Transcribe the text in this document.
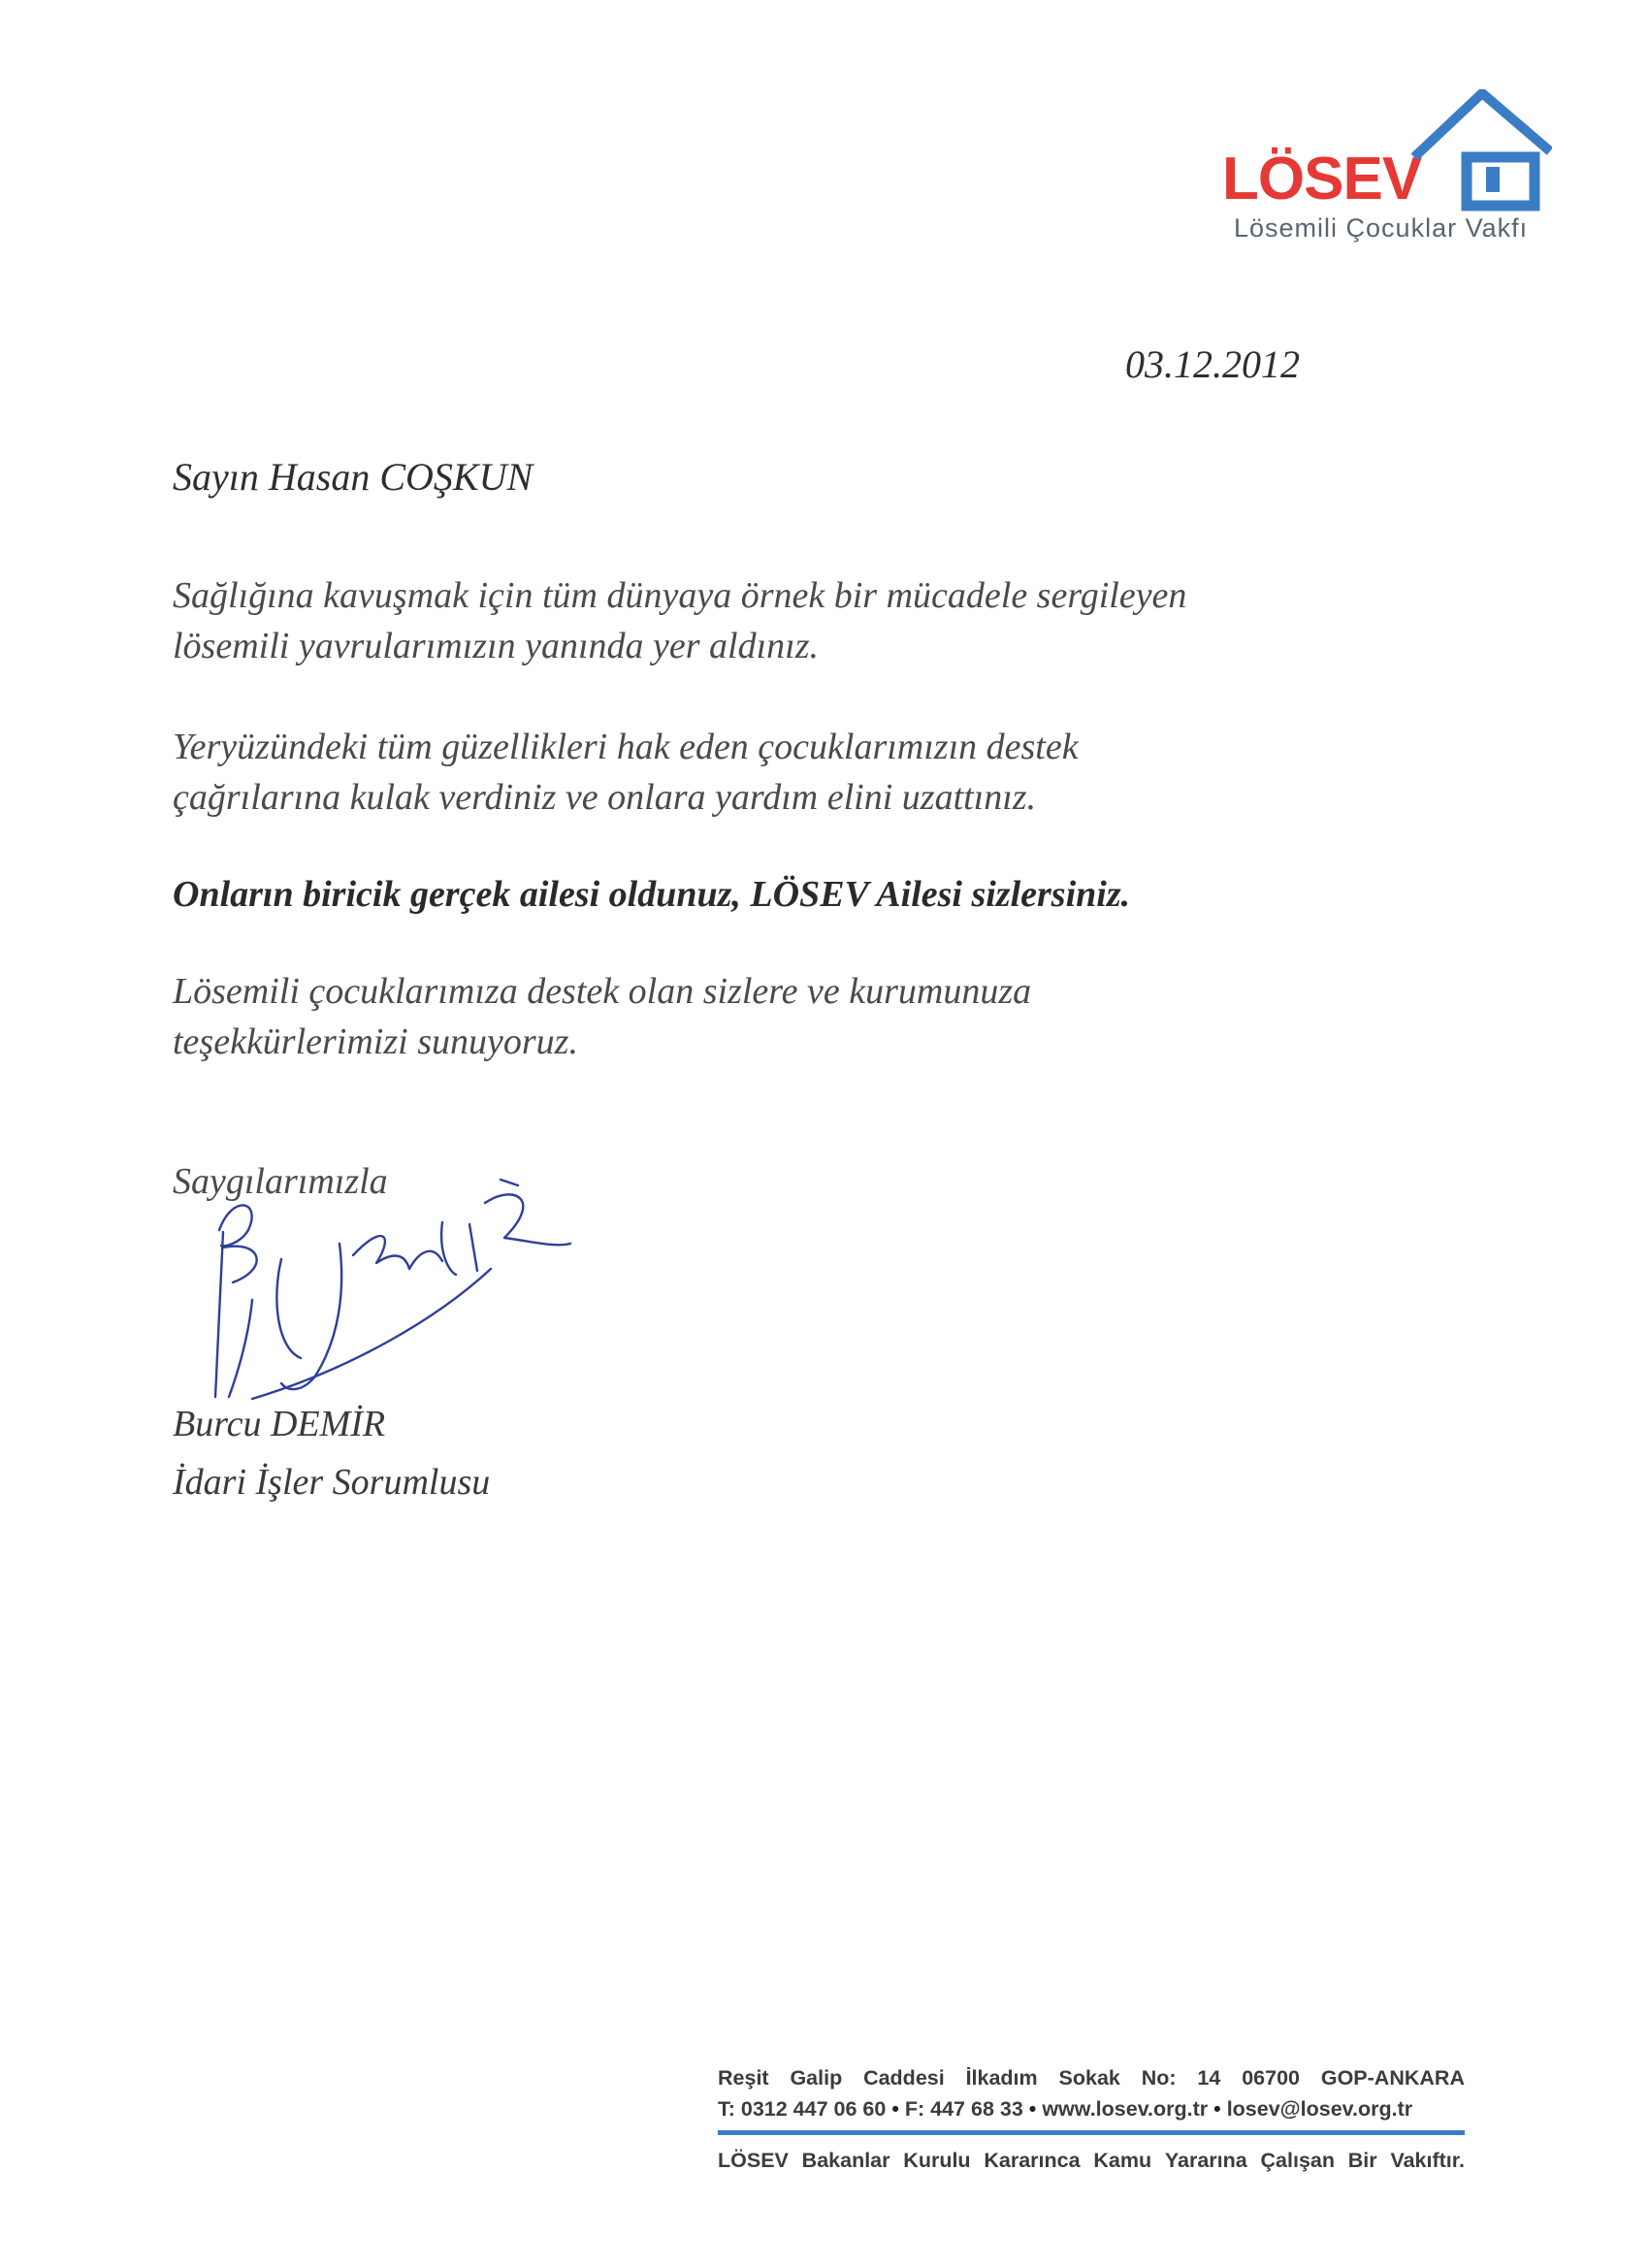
LÖSEV
Lösemili Çocuklar Vakfı
03.12.2012
Sayın Hasan COŞKUN
Sağlığına kavuşmak için tüm dünyaya örnek bir mücadele sergileyen
lösemili yavrularımızın yanında yer aldınız.
Yeryüzündeki tüm güzellikleri hak eden çocuklarımızın destek
çağrılarına kulak verdiniz ve onlara yardım elini uzattınız.
Onların biricik gerçek ailesi oldunuz, LÖSEV Ailesi sizlersiniz.
Lösemili çocuklarımıza destek olan sizlere ve kurumunuza
teşekkürlerimizi sunuyoruz.
Saygılarımızla
Burcu DEMİR
İdari İşler Sorumlusu
Reşit Galip Caddesi İlkadım Sokak No: 14 06700 GOP-ANKARA
T: 0312 447 06 60 • F: 447 68 33 • www.losev.org.tr • losev@losev.org.tr
LÖSEV Bakanlar Kurulu Kararınca Kamu Yararına Çalışan Bir Vakıftır.
